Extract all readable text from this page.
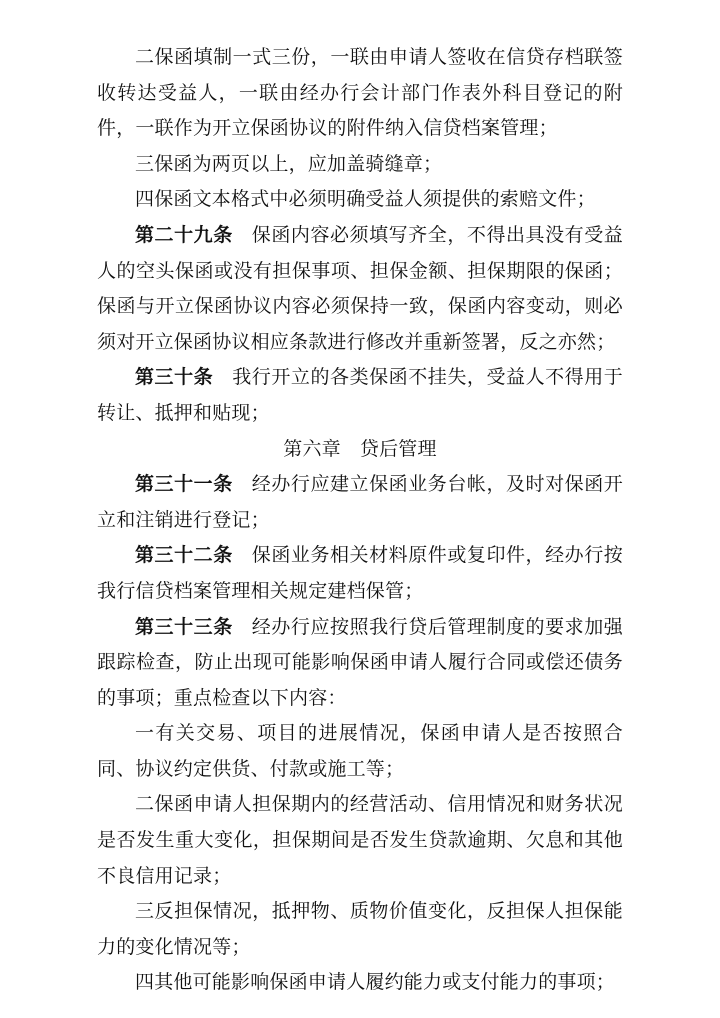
二保函填制一式三份，一联由申请人签收在信贷存档联签收转达受益人，一联由经办行会计部门作表外科目登记的附件，一联作为开立保函协议的附件纳入信贷档案管理；

三保函为两页以上，应加盖骑缝章；

四保函文本格式中必须明确受益人须提供的索赔文件；

第二十九条 保函内容必须填写齐全，不得出具没有受益人的空头保函或没有担保事项、担保金额、担保期限的保函；保函与开立保函协议内容必须保持一致，保函内容变动，则必须对开立保函协议相应条款进行修改并重新签署，反之亦然；

第三十条 我行开立的各类保函不挂失，受益人不得用于转让、抵押和贴现；

第六章 贷后管理

第三十一条 经办行应建立保函业务台帐，及时对保函开立和注销进行登记；

第三十二条 保函业务相关材料原件或复印件，经办行按我行信贷档案管理相关规定建档保管；

第三十三条 经办行应按照我行贷后管理制度的要求加强跟踪检查，防止出现可能影响保函申请人履行合同或偿还债务的事项；重点检查以下内容：

一有关交易、项目的进展情况，保函申请人是否按照合同、协议约定供货、付款或施工等；

二保函申请人担保期内的经营活动、信用情况和财务状况是否发生重大变化，担保期间是否发生贷款逾期、欠息和其他不良信用记录；

三反担保情况，抵押物、质物价值变化，反担保人担保能力的变化情况等；

四其他可能影响保函申请人履约能力或支付能力的事项；
